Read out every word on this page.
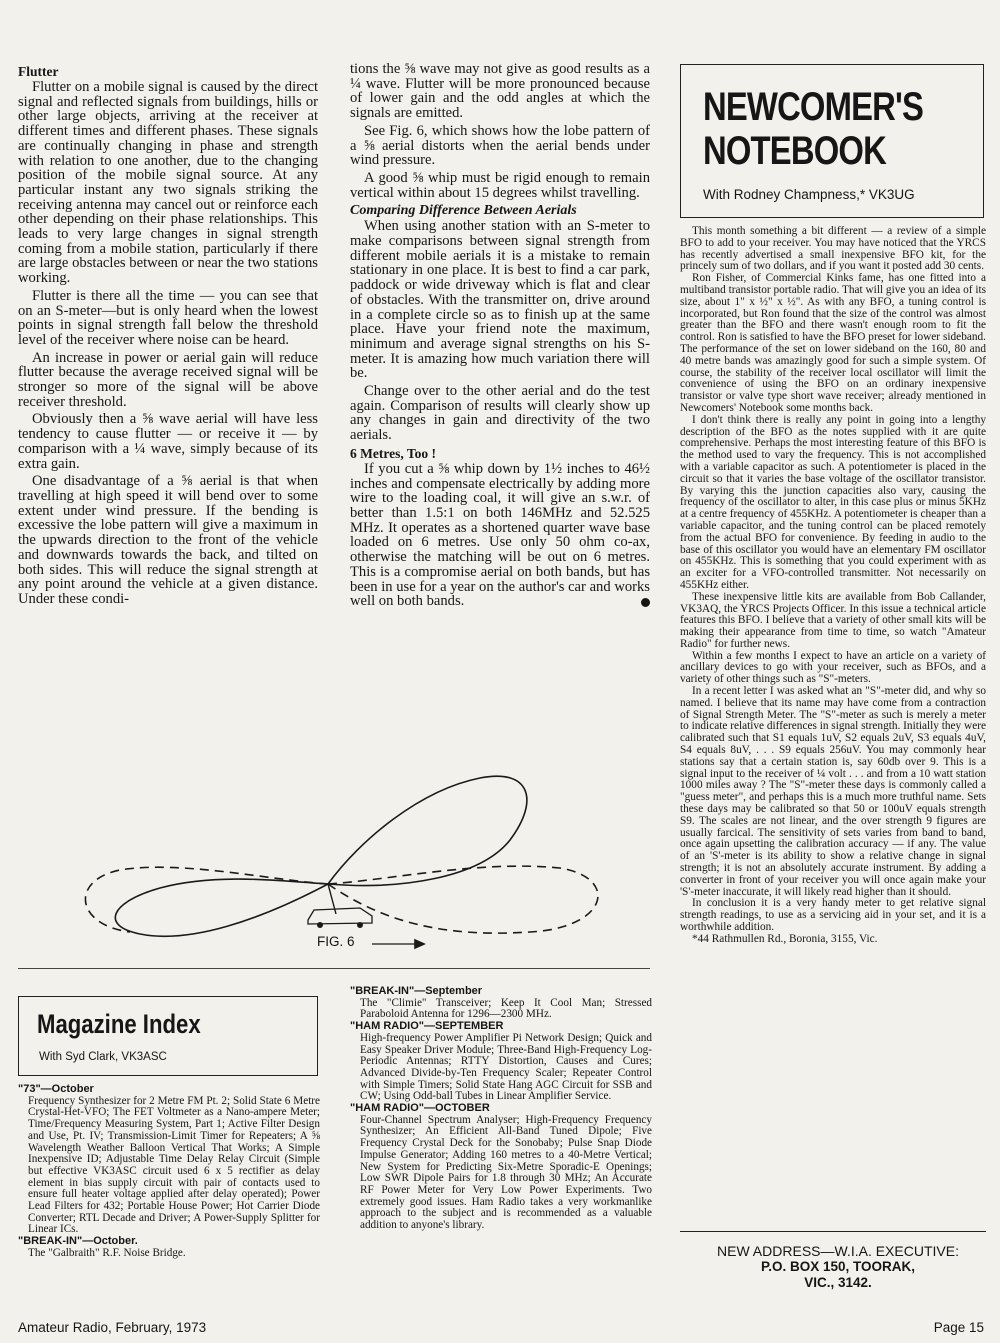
Flutter

Flutter on a mobile signal is caused by the direct signal and reflected signals from buildings, hills or other large objects, arriving at the receiver at different times and different phases. These signals are continually changing in phase and strength with relation to one another, due to the changing position of the mobile signal source. At any particular instant any two signals striking the receiving antenna may cancel out or reinforce each other depending on their phase relationships. This leads to very large changes in signal strength coming from a mobile station, particularly if there are large obstacles between or near the two stations working.

Flutter is there all the time — you can see that on an S-meter—but is only heard when the lowest points in signal strength fall below the threshold level of the receiver where noise can be heard.

An increase in power or aerial gain will reduce flutter because the average received signal will be stronger so more of the signal will be above receiver threshold.

Obviously then a ⅝ wave aerial will have less tendency to cause flutter — or receive it — by comparison with a ¼ wave, simply because of its extra gain.

One disadvantage of a ⅝ aerial is that when travelling at high speed it will bend over to some extent under wind pressure. If the bending is excessive the lobe pattern will give a maximum in the upwards direction to the front of the vehicle and downwards towards the back, and tilted on both sides. This will reduce the signal strength at any point around the vehicle at a given distance. Under these condi-

tions the ⅝ wave may not give as good results as a ¼ wave. Flutter will be more pronounced because of lower gain and the odd angles at which the signals are emitted.

See Fig. 6, which shows how the lobe pattern of a ⅝ aerial distorts when the aerial bends under wind pressure.

A good ⅝ whip must be rigid enough to remain vertical within about 15 degrees whilst travelling.

Comparing Difference Between Aerials

When using another station with an S-meter to make comparisons between signal strength from different mobile aerials it is a mistake to remain stationary in one place. It is best to find a car park, paddock or wide driveway which is flat and clear of obstacles. With the transmitter on, drive around in a complete circle so as to finish up at the same place. Have your friend note the maximum, minimum and average signal strengths on his S-meter. It is amazing how much variation there will be.

Change over to the other aerial and do the test again. Comparison of results will clearly show up any changes in gain and directivity of the two aerials.

6 Metres, Too !

If you cut a ⅝ whip down by 1½ inches to 46½ inches and compensate electrically by adding more wire to the loading coal, it will give an s.w.r. of better than 1.5:1 on both 146MHz and 52.525 MHz. It operates as a shortened quarter wave base loaded on 6 metres. Use only 50 ohm co-ax, otherwise the matching will be out on 6 metres. This is a compromise aerial on both bands, but has been in use for a year on the author's car and works well on both bands.

NEWCOMER'S
NOTEBOOK
With Rodney Champness,* VK3UG

This month something a bit different — a review of a simple BFO to add to your receiver. You may have noticed that the YRCS has recently advertised a small inexpensive BFO kit, for the princely sum of two dollars, and if you want it posted add 30 cents.

Ron Fisher, of Commercial Kinks fame, has one fitted into a multiband transistor portable radio. That will give you an idea of its size, about 1" x ½" x ½". As with any BFO, a tuning control is incorporated, but Ron found that the size of the control was almost greater than the BFO and there wasn't enough room to fit the control. Ron is satisfied to have the BFO preset for lower sideband. The performance of the set on lower sideband on the 160, 80 and 40 metre bands was amazingly good for such a simple system. Of course, the stability of the receiver local oscillator will limit the convenience of using the BFO on an ordinary inexpensive transistor or valve type short wave receiver; already mentioned in Newcomers' Notebook some months back.

I don't think there is really any point in going into a lengthy description of the BFO as the notes supplied with it are quite comprehensive. Perhaps the most interesting feature of this BFO is the method used to vary the frequency. This is not accomplished with a variable capacitor as such. A potentiometer is placed in the circuit so that it varies the base voltage of the oscillator transistor. By varying this the junction capacities also vary, causing the frequency of the oscillator to alter, in this case plus or minus 5KHz at a centre frequency of 455KHz. A potentiometer is cheaper than a variable capacitor, and the tuning control can be placed remotely from the actual BFO for convenience. By feeding in audio to the base of this oscillator you would have an elementary FM oscillator on 455KHz. This is something that you could experiment with as an exciter for a VFO-controlled transmitter. Not necessarily on 455KHz either.

These inexpensive little kits are available from Bob Callander, VK3AQ, the YRCS Projects Officer. In this issue a technical article features this BFO. I believe that a variety of other small kits will be making their appearance from time to time, so watch "Amateur Radio" for further news.

Within a few months I expect to have an article on a variety of ancillary devices to go with your receiver, such as BFOs, and a variety of other things such as "S"-meters.

In a recent letter I was asked what an "S"-meter did, and why so named. I believe that its name may have come from a contraction of Signal Strength Meter. The "S"-meter as such is merely a meter to indicate relative differences in signal strength. Initially they were calibrated such that S1 equals 1uV, S2 equals 2uV, S3 equals 4uV, S4 equals 8uV, . . . S9 equals 256uV. You may commonly hear stations say that a certain station is, say 60db over 9. This is a signal input to the receiver of ¼ volt . . . and from a 10 watt station 1000 miles away ? The "S"-meter these days is commonly called a "guess meter", and perhaps this is a much more truthful name. Sets these days may be calibrated so that 50 or 100uV equals strength S9. The scales are not linear, and the over strength 9 figures are usually farcical. The sensitivity of sets varies from band to band, once again upsetting the calibration accuracy — if any. The value of an 'S'-meter is its ability to show a relative change in signal strength; it is not an absolutely accurate instrument. By adding a converter in front of your receiver you will once again make your 'S'-meter inaccurate, it will likely read higher than it should.

In conclusion it is a very handy meter to get relative signal strength readings, to use as a servicing aid in your set, and it is a worthwhile addition.

*44 Rathmullen Rd., Boronia, 3155, Vic.

NEW ADDRESS—W.I.A. EXECUTIVE:
P.O. BOX 150, TOORAK,
VIC., 3142.
FIG. 6
Magazine Index
With Syd Clark, VK3ASC

"73"—October

Frequency Synthesizer for 2 Metre FM Pt. 2; Solid State 6 Metre Crystal-Het-VFO; The FET Voltmeter as a Nano-ampere Meter; Time/Frequency Measuring System, Part 1; Active Filter Design and Use, Pt. IV; Transmission-Limit Timer for Repeaters; A ⅝ Wavelength Weather Balloon Vertical That Works; A Simple Inexpensive ID; Adjustable Time Delay Relay Circuit (Simple but effective VK3ASC circuit used 6 x 5 rectifier as delay element in bias supply circuit with pair of contacts used to ensure full heater voltage applied after delay operated); Power Lead Filters for 432; Portable House Power; Hot Carrier Diode Converter; RTL Decade and Driver; A Power-Supply Splitter for Linear ICs.

"BREAK-IN"—October.

The "Galbraith" R.F. Noise Bridge.

"BREAK-IN"—September

The "Climie" Transceiver; Keep It Cool Man; Stressed Paraboloid Antenna for 1296—2300 MHz.

"HAM RADIO"—SEPTEMBER

High-frequency Power Amplifier Pi Network Design; Quick and Easy Speaker Driver Module; Three-Band High-Frequency Log-Periodic Antennas; RTTY Distortion, Causes and Cures; Advanced Divide-by-Ten Frequency Scaler; Repeater Control with Simple Timers; Solid State Hang AGC Circuit for SSB and CW; Using Odd-ball Tubes in Linear Amplifier Service.

"HAM RADIO"—OCTOBER

Four-Channel Spectrum Analyser; High-Frequency Frequency Synthesizer; An Efficient All-Band Tuned Dipole; Five Frequency Crystal Deck for the Sonobaby; Pulse Snap Diode Impulse Generator; Adding 160 metres to a 40-Metre Vertical; New System for Predicting Six-Metre Sporadic-E Openings; Low SWR Dipole Pairs for 1.8 through 30 MHz; An Accurate RF Power Meter for Very Low Power Experiments. Two extremely good issues. Ham Radio takes a very workmanlike approach to the subject and is recommended as a valuable addition to anyone's library.

Amateur Radio, February, 1973	Page 15
